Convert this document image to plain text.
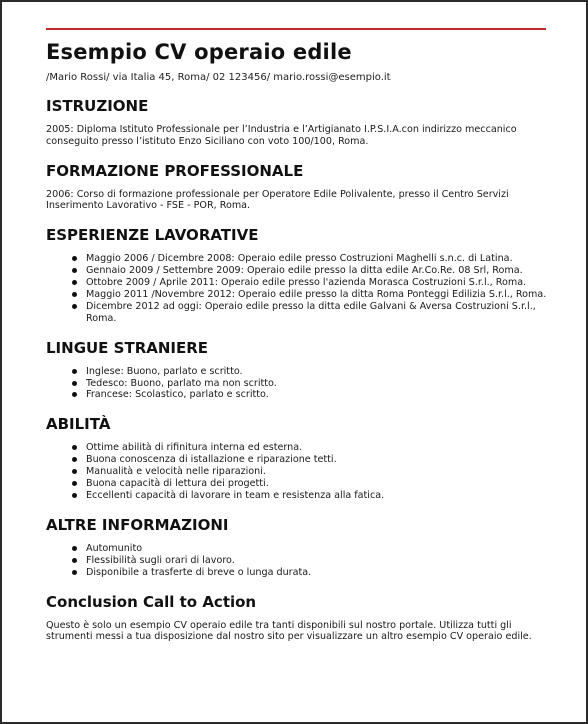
Esempio CV operaio edile
/Mario Rossi/ via Italia 45, Roma/ 02 123456/ mario.rossi@esempio.it
ISTRUZIONE

2005: Diploma Istituto Professionale per l’Industria e l’Artigianato I.P.S.I.A.con indirizzo meccanico conseguito presso l’istituto Enzo Siciliano con voto 100/100, Roma.

FORMAZIONE PROFESSIONALE

2006: Corso di formazione professionale per Operatore Edile Polivalente, presso il Centro Servizi Inserimento Lavorativo - FSE - POR, Roma.

ESPERIENZE LAVORATIVE
Maggio 2006 / Dicembre 2008: Operaio edile presso Costruzioni Maghelli s.n.c. di Latina.
Gennaio 2009 / Settembre 2009: Operaio edile presso la ditta edile Ar.Co.Re. 08 Srl, Roma.
Ottobre 2009 / Aprile 2011: Operaio edile presso l'azienda Morasca Costruzioni S.r.l., Roma.
Maggio 2011 /Novembre 2012: Operaio edile presso la ditta Roma Ponteggi Edilizia S.r.l., Roma.
Dicembre 2012 ad oggi: Operaio edile presso la ditta edile Galvani & Aversa Costruzioni S.r.l., Roma.
LINGUE STRANIERE
Inglese: Buono, parlato e scritto.
Tedesco: Buono, parlato ma non scritto.
Francese: Scolastico, parlato e scritto.
ABILITÀ
Ottime abilità di rifinitura interna ed esterna.
Buona conoscenza di istallazione e riparazione tetti.
Manualità e velocità nelle riparazioni.
Buona capacità di lettura dei progetti.
Eccellenti capacità di lavorare in team e resistenza alla fatica.
ALTRE INFORMAZIONI
Automunito
Flessibilità sugli orari di lavoro.
Disponibile a trasferte di breve o lunga durata.
Conclusion Call to Action

Questo è solo un esempio CV operaio edile tra tanti disponibili sul nostro portale. Utilizza tutti gli strumenti messi a tua disposizione dal nostro sito per visualizzare un altro esempio CV operaio edile.
